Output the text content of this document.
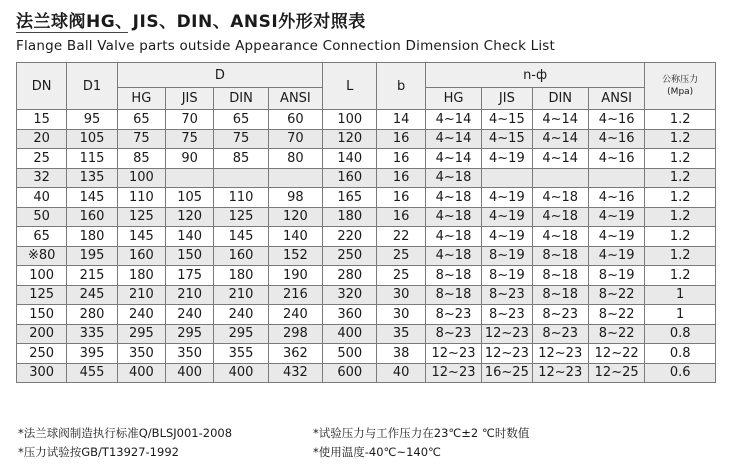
法兰球阀HG、JIS、DIN、ANSI外形对照表
Flange Ball Valve parts outside Appearance Connection Dimension Check List
DN	D1	D				L	b	n-ф				公称压力
(Mpa)

		HG	JIS	DIN	ANSI			HG	JIS	DIN	ANSI	
15	95	65	70	65	60	100	14	4~14	4~15	4~14	4~16	1.2
20	105	75	75	75	70	120	16	4~14	4~15	4~14	4~16	1.2
25	115	85	90	85	80	140	16	4~14	4~19	4~14	4~16	1.2
32	135	100				160	16	4~18				1.2
40	145	110	105	110	98	165	16	4~18	4~19	4~18	4~16	1.2
50	160	125	120	125	120	180	16	4~18	4~19	4~18	4~19	1.2
65	180	145	140	145	140	220	22	4~18	4~19	4~18	4~19	1.2
※80	195	160	150	160	152	250	25	4~18	8~19	8~18	4~19	1.2
100	215	180	175	180	190	280	25	8~18	8~19	8~18	8~19	1.2
125	245	210	210	210	216	320	30	8~18	8~23	8~18	8~22	1
150	280	240	240	240	240	360	30	8~23	8~23	8~23	8~22	1
200	335	295	295	295	298	400	35	8~23	12~23	8~23	8~22	0.8
250	395	350	350	355	362	500	38	12~23	12~23	12~23	12~22	0.8
300	455	400	400	400	432	600	40	12~23	16~25	12~23	12~25	0.6
*法兰球阀制造执行标准Q/BLSJ001-2008
*压力试验按GB/T13927-1992
*试验压力与工作压力在23℃±2 ℃时数值
*使用温度-40℃~140℃
